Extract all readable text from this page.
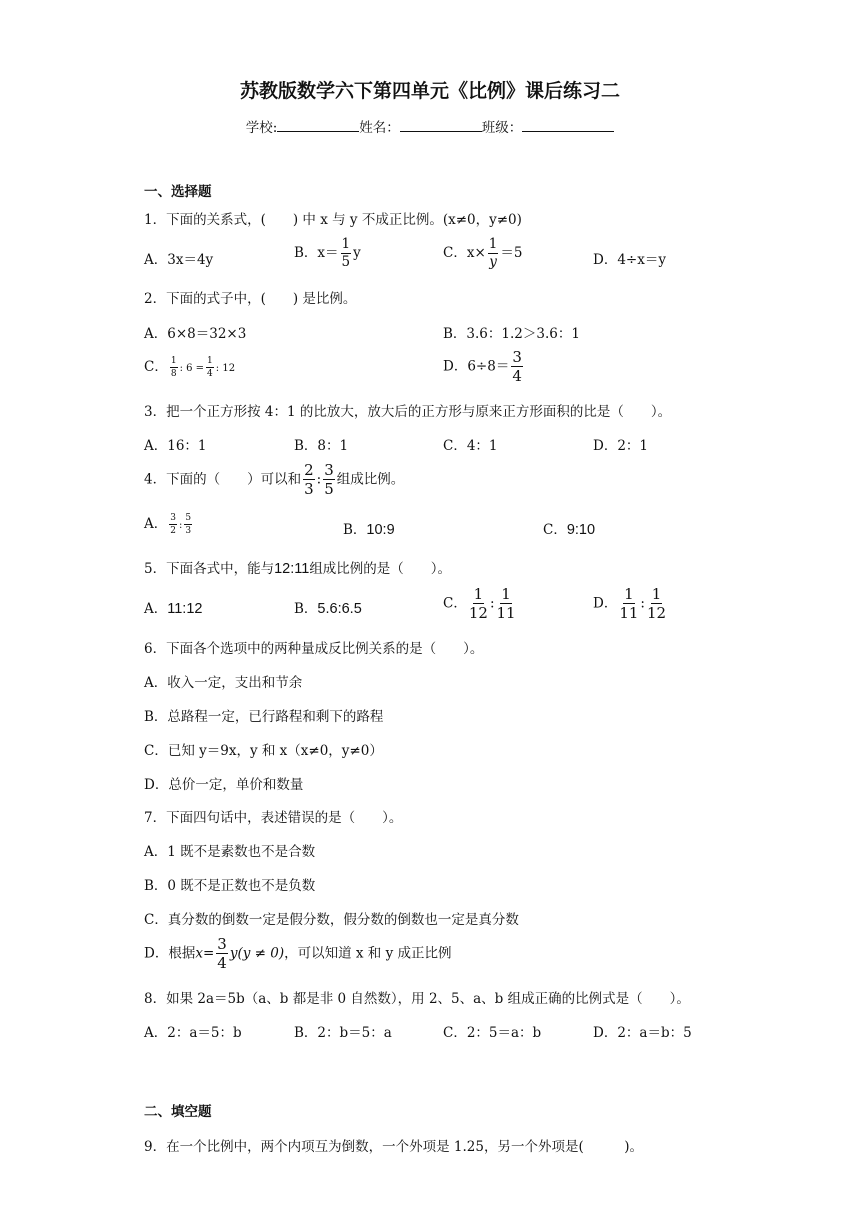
苏教版数学六下第四单元《比例》课后练习二
学校:	姓名：	班级：
一、选择题
1．下面的关系式，(　　) 中 x 与 y 不成正比例。(x≠0，y≠0)
A．3x＝4y	B．$x= \frac{1}{5}$ y	C．$x\times \frac{1}{y} =5$	D．4÷x＝y
2．下面的式子中，(　　) 是比例。
A．6×8＝32×3	B．3.6：1.2＞3.6：1
C． $\frac{1}{8}$ : $6 = \frac{1}{4}$ : 12	D．$6\div 8= \frac{3}{4}$
3．把一个正方形按 4：1 的比放大，放大后的正方形与原来正方形面积的比是（　　）。
A．16：1	B．8：1	C．4：1	D．2：1
4．下面的（　　）可以和 $\frac{2}{3}$ : $\frac{3}{5}$ 组成比例。
A． $\frac{3}{2}$ : $\frac{5}{3}$	B．10:9	C．9:10
5．下面各式中，能与12:11组成比例的是（　　）。
A．11:12	B．5.6:6.5	C． $\frac{1}{12}$ : $\frac{1}{11}$	D． $\frac{1}{11}$ : $\frac{1}{12}$
6．下面各个选项中的两种量成反比例关系的是（　　）。
A．收入一定，支出和节余
B．总路程一定，已行路程和剩下的路程
C．已知 y＝9x，y 和 x（x≠0，y≠0）
D．总价一定，单价和数量
7．下面四句话中，表述错误的是（　　）。
A．1 既不是素数也不是合数
B．0 既不是正数也不是负数
C．真分数的倒数一定是假分数，假分数的倒数也一定是真分数
D．根据$x= \frac{3}{4} y(y \ne 0)$，可以知道 x 和 y 成正比例
8．如果 2a＝5b（a、b 都是非 0 自然数），用 2、5、a、b 组成正确的比例式是（　　）。
A．2：a＝5：b	B．2：b＝5：a	C．2：5＝a：b	D．2：a＝b：5
二、填空题
9．在一个比例中，两个内项互为倒数，一个外项是 1.25，另一个外项是(　　　)。
